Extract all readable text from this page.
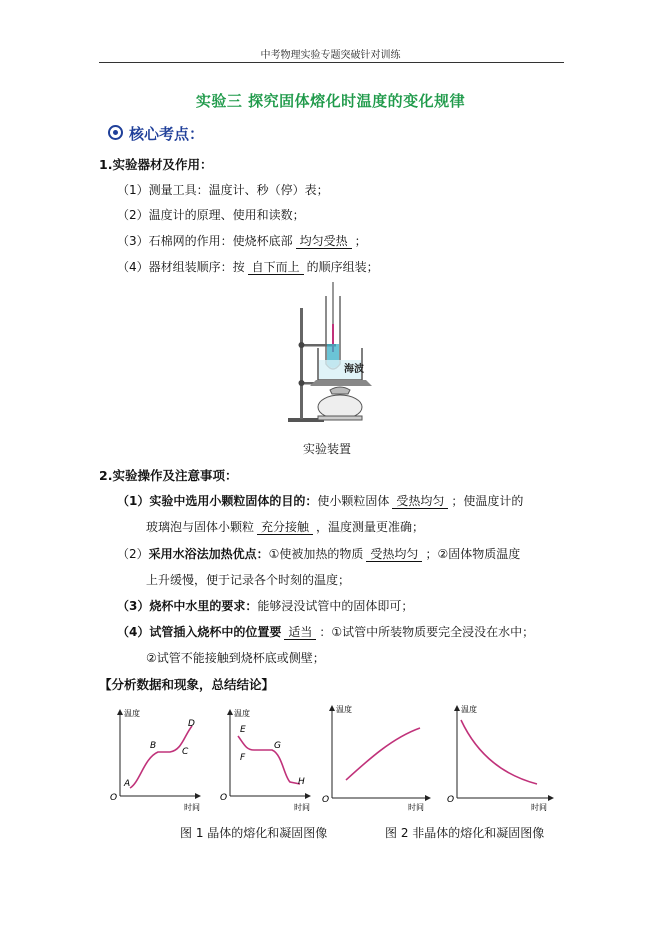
中考物理实验专题突破针对训练
实验三 探究固体熔化时温度的变化规律
核心考点：
1.实验器材及作用：
（1）测量工具：温度计、秒（停）表；
（2）温度计的原理、使用和读数；
（3）石棉网的作用：使烧杯底部 均匀受热 ；
（4）器材组装顺序：按 自下而上 的顺序组装；
海波
实验装置
2.实验操作及注意事项：
（1）实验中选用小颗粒固体的目的：使小颗粒固体 受热均匀 ；使温度计的
玻璃泡与固体小颗粒 充分接触 ，温度测量更准确；
（2）采用水浴法加热优点：①使被加热的物质 受热均匀 ；②固体物质温度
上升缓慢，便于记录各个时刻的温度；
（3）烧杯中水里的要求：能够浸没试管中的固体即可；
（4）试管插入烧杯中的位置要 适当 ：①试管中所装物质要完全浸没在水中；
②试管不能接触到烧杯底或侧壁；
【分析数据和现象，总结结论】
温度
时间
O
A
B
C
D
温度
时间
O
E
F
G
H
温度
时间
O
温度
时间
O
图 1 晶体的熔化和凝固图像	图 2 非晶体的熔化和凝固图像
